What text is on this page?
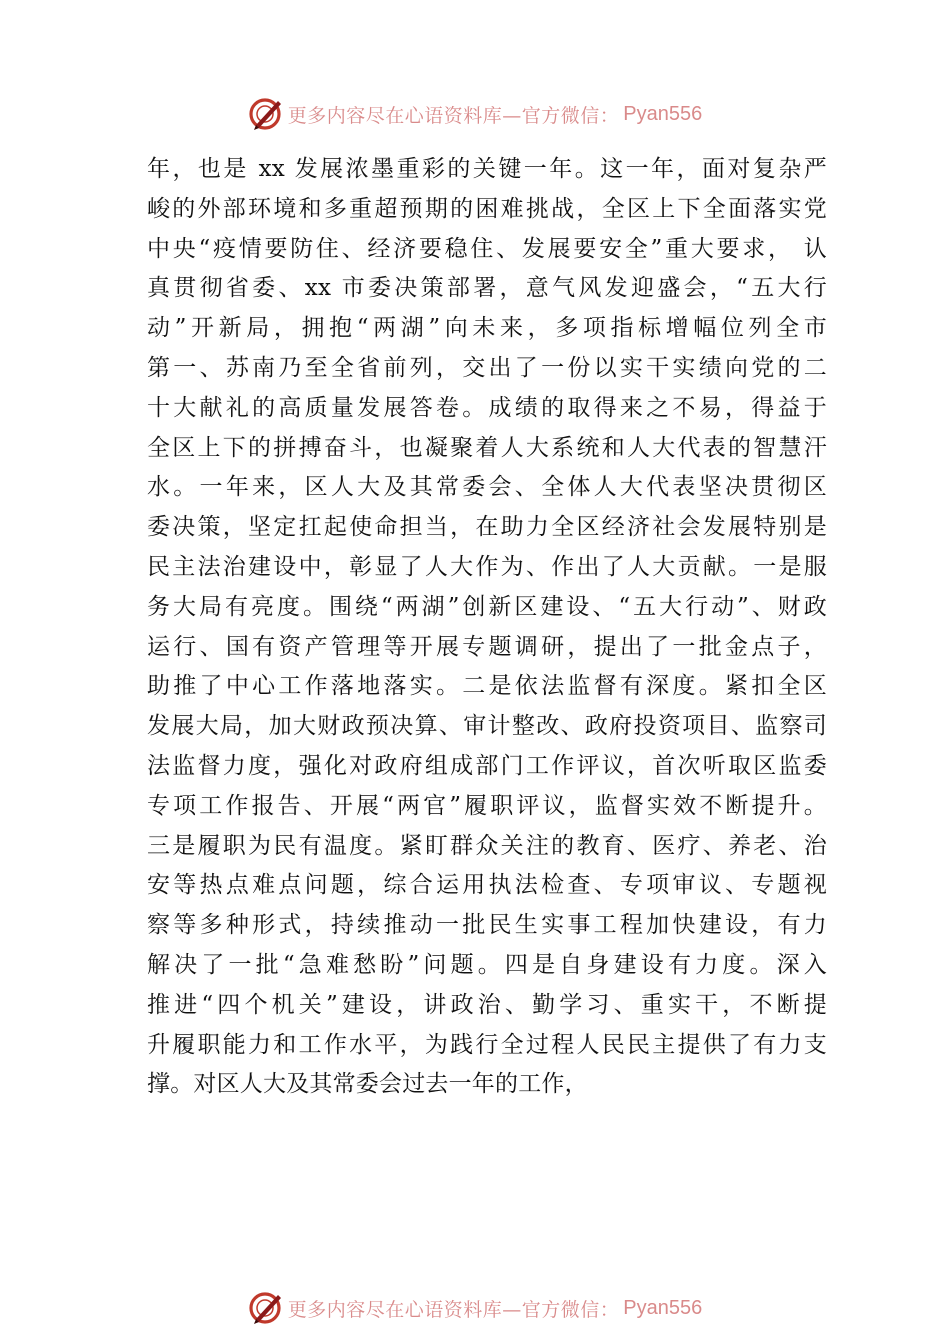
更多内容尽在心语资料库—官方微信： Pyan556
年，也是 xx 发展浓墨重彩的关键一年。这一年，面对复杂严
峻的外部环境和多重超预期的困难挑战，全区上下全面落实党
中央“疫情要防住、经济要稳住、发展要安全”重大要求， 认
真贯彻省委、xx 市委决策部署，意气风发迎盛会，“五大行
动”开新局，拥抱“两湖”向未来，多项指标增幅位列全市
第一、苏南乃至全省前列，交出了一份以实干实绩向党的二
十大献礼的高质量发展答卷。成绩的取得来之不易，得益于
全区上下的拼搏奋斗，也凝聚着人大系统和人大代表的智慧汗
水。一年来，区人大及其常委会、全体人大代表坚决贯彻区
委决策，坚定扛起使命担当，在助力全区经济社会发展特别是
民主法治建设中，彰显了人大作为、作出了人大贡献。一是服
务大局有亮度。围绕“两湖”创新区建设、“五大行动”、财政
运行、国有资产管理等开展专题调研，提出了一批金点子，
助推了中心工作落地落实。二是依法监督有深度。紧扣全区
发展大局，加大财政预决算、审计整改、政府投资项目、监察司
法监督力度，强化对政府组成部门工作评议，首次听取区监委
专项工作报告、开展“两官”履职评议，监督实效不断提升。
三是履职为民有温度。紧盯群众关注的教育、医疗、养老、治
安等热点难点问题，综合运用执法检查、专项审议、专题视
察等多种形式，持续推动一批民生实事工程加快建设，有力
解决了一批“急难愁盼”问题。四是自身建设有力度。深入
推进“四个机关”建设，讲政治、勤学习、重实干，不断提
升履职能力和工作水平，为践行全过程人民民主提供了有力支
撑。对区人大及其常委会过去一年的工作，
更多内容尽在心语资料库—官方微信： Pyan556
